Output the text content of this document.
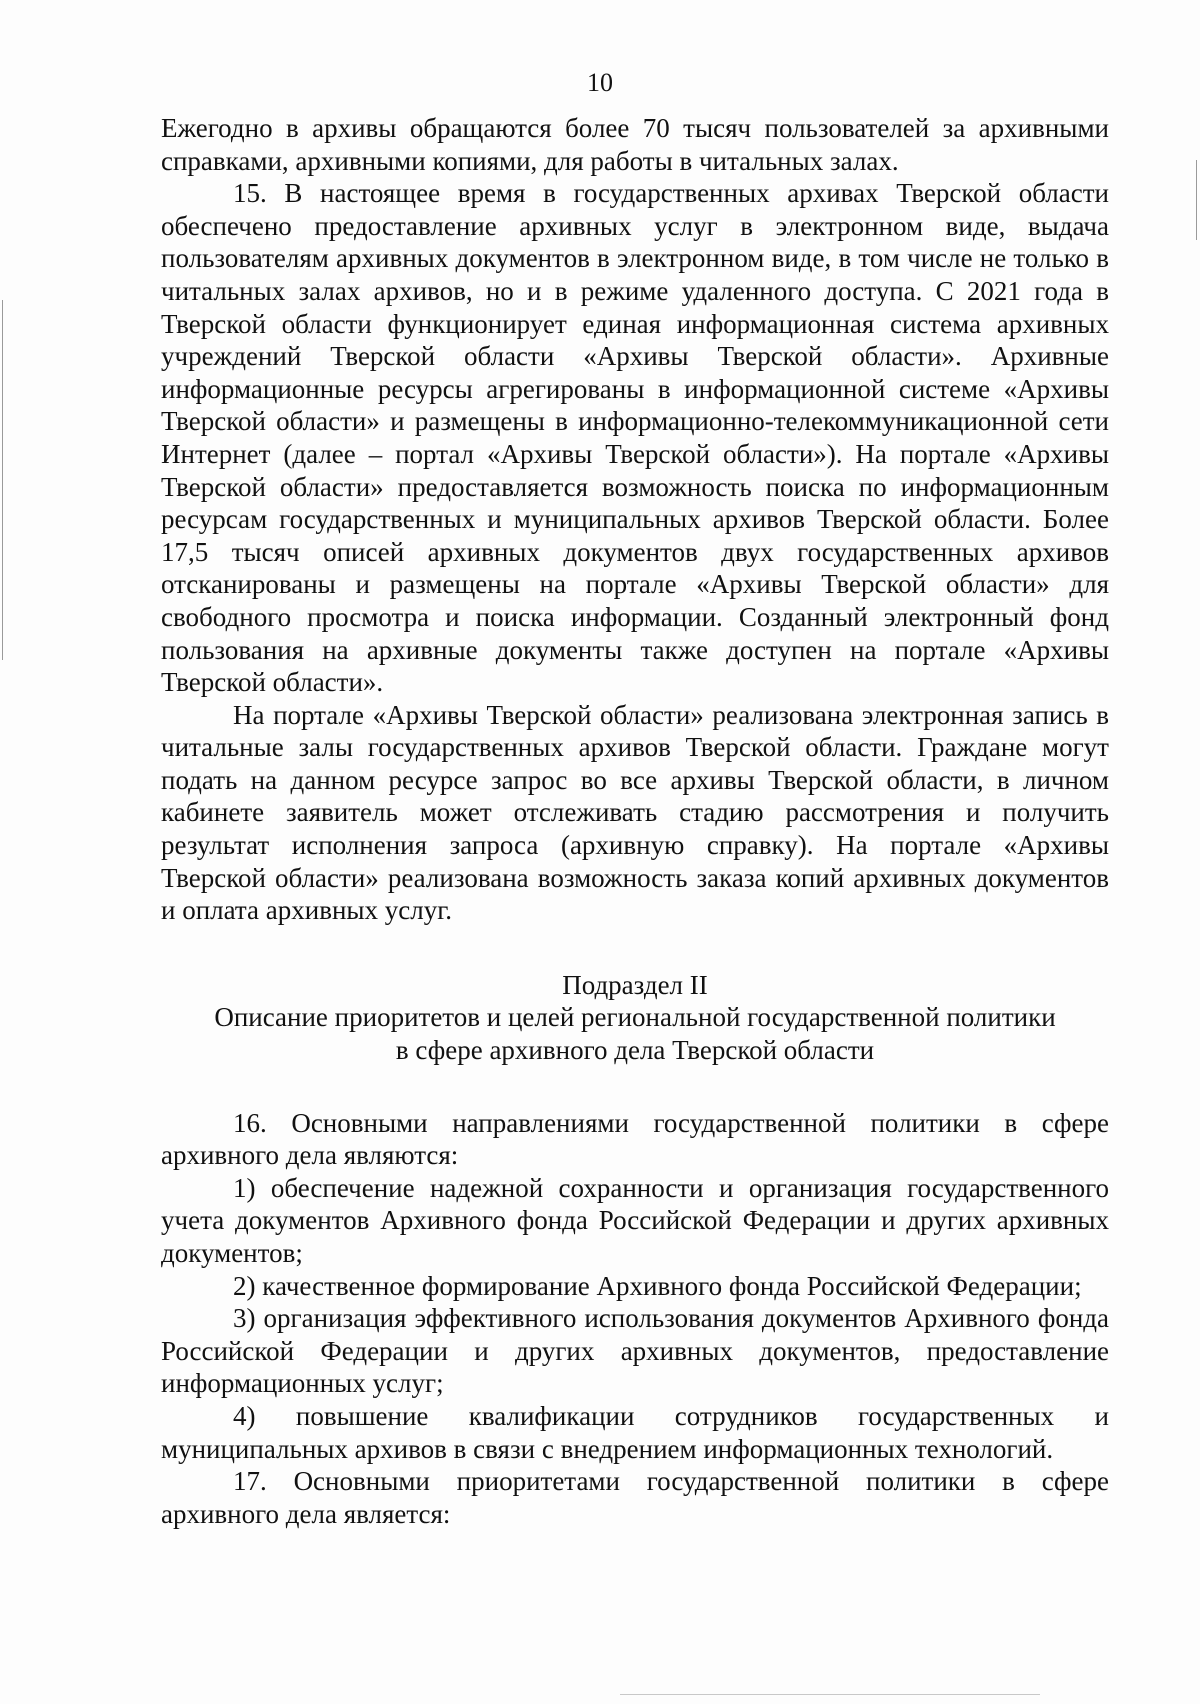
10

Ежегодно в архивы обращаются более 70 тысяч пользователей за архивными справками, архивными копиями, для работы в читальных залах.

15. В настоящее время в государственных архивах Тверской области обеспечено предоставление архивных услуг в электронном виде, выдача пользователям архивных документов в электронном виде, в том числе не только в читальных залах архивов, но и в режиме удаленного доступа. С 2021 года в Тверской области функционирует единая информационная система архивных учреждений Тверской области «Архивы Тверской области». Архивные информационные ресурсы агрегированы в информационной системе «Архивы Тверской области» и размещены в информационно-телекоммуникационной сети Интернет (далее – портал «Архивы Тверской области»). На портале «Архивы Тверской области» предоставляется возможность поиска по информационным ресурсам государственных и муниципальных архивов Тверской области. Более 17,5 тысяч описей архивных документов двух государственных архивов отсканированы и размещены на портале «Архивы Тверской области» для свободного просмотра и поиска информации. Созданный электронный фонд пользования на архивные документы также доступен на портале «Архивы Тверской области».

На портале «Архивы Тверской области» реализована электронная запись в читальные залы государственных архивов Тверской области. Граждане могут подать на данном ресурсе запрос во все архивы Тверской области, в личном кабинете заявитель может отслеживать стадию рассмотрения и получить результат исполнения запроса (архивную справку). На портале «Архивы Тверской области» реализована возможность заказа копий архивных документов и оплата архивных услуг.

Подраздел II
Описание приоритетов и целей региональной государственной политики
в сфере архивного дела Тверской области

16. Основными направлениями государственной политики в сфере архивного дела являются:

1) обеспечение надежной сохранности и организация государственного учета документов Архивного фонда Российской Федерации и других архивных документов;

2) качественное формирование Архивного фонда Российской Федерации;

3) организация эффективного использования документов Архивного фонда Российской Федерации и других архивных документов, предоставление информационных услуг;

4) повышение квалификации сотрудников государственных и муниципальных архивов в связи с внедрением информационных технологий.

17. Основными приоритетами государственной политики в сфере архивного дела является:
